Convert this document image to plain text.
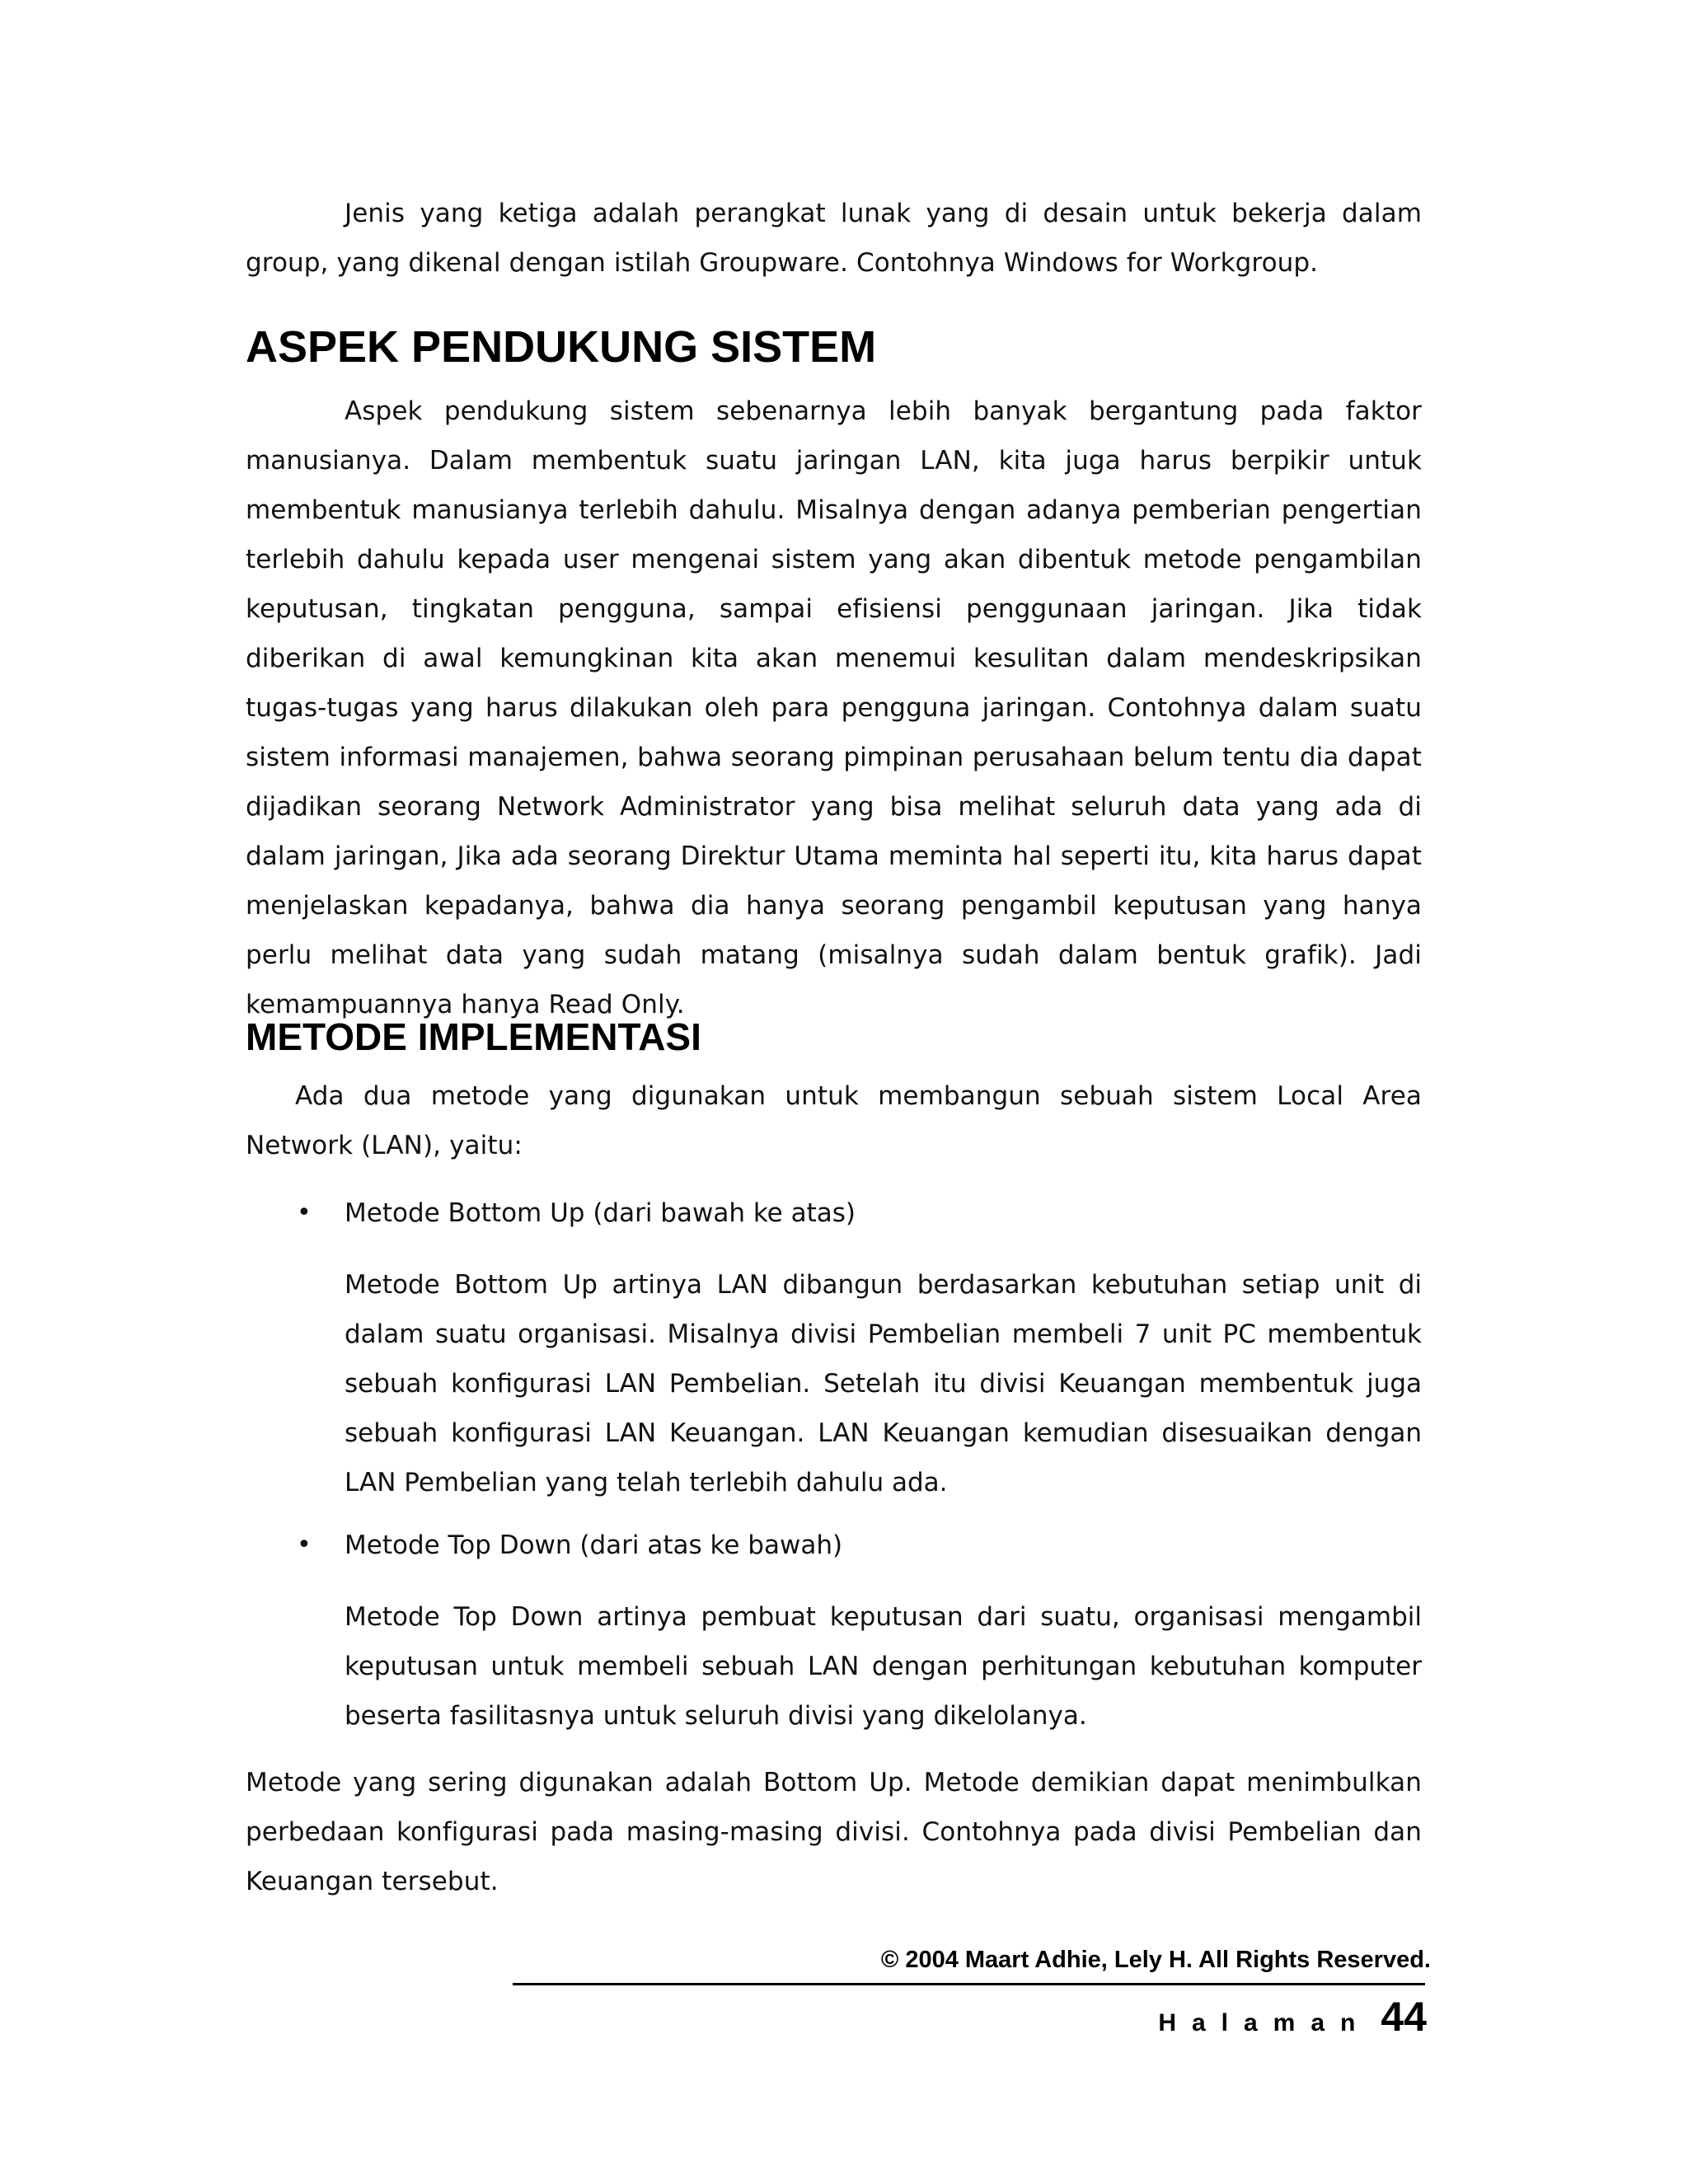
Jenis yang ketiga adalah perangkat lunak yang di desain untuk bekerja dalam group, yang dikenal dengan istilah Groupware. Contohnya Windows for Workgroup.

ASPEK PENDUKUNG SISTEM

Aspek pendukung sistem sebenarnya lebih banyak bergantung pada faktor manusianya. Dalam membentuk suatu jaringan LAN, kita juga harus berpikir untuk membentuk manusianya terlebih dahulu. Misalnya dengan adanya pemberian pengertian terlebih dahulu kepada user mengenai sistem yang akan dibentuk metode pengambilan keputusan, tingkatan pengguna, sampai efisiensi penggunaan jaringan. Jika tidak diberikan di awal kemungkinan kita akan menemui kesulitan dalam mendeskripsikan tugas-tugas yang harus dilakukan oleh para pengguna jaringan. Contohnya dalam suatu sistem informasi manajemen, bahwa seorang pimpinan perusahaan belum tentu dia dapat dijadikan seorang Network Administrator yang bisa melihat seluruh data yang ada di dalam jaringan, Jika ada seorang Direktur Utama meminta hal seperti itu, kita harus dapat menjelaskan kepadanya, bahwa dia hanya seorang pengambil keputusan yang hanya perlu melihat data yang sudah matang (misalnya sudah dalam bentuk grafik). Jadi kemampuannya hanya Read Only.

METODE IMPLEMENTASI

Ada dua metode yang digunakan untuk membangun sebuah sistem Local Area Network (LAN), yaitu:

• Metode Bottom Up (dari bawah ke atas)

Metode Bottom Up artinya LAN dibangun berdasarkan kebutuhan setiap unit di dalam suatu organisasi. Misalnya divisi Pembelian membeli 7 unit PC membentuk sebuah konfigurasi LAN Pembelian. Setelah itu divisi Keuangan membentuk juga sebuah konfigurasi LAN Keuangan. LAN Keuangan kemudian disesuaikan dengan LAN Pembelian yang telah terlebih dahulu ada.

• Metode Top Down (dari atas ke bawah)

Metode Top Down artinya pembuat keputusan dari suatu, organisasi mengambil keputusan untuk membeli sebuah LAN dengan perhitungan kebutuhan komputer beserta fasilitasnya untuk seluruh divisi yang dikelolanya.

Metode yang sering digunakan adalah Bottom Up. Metode demikian dapat menimbulkan perbedaan konfigurasi pada masing-masing divisi. Contohnya pada divisi Pembelian dan Keuangan tersebut.

© 2004 Maart Adhie, Lely H. All Rights Reserved.
Halaman 44
